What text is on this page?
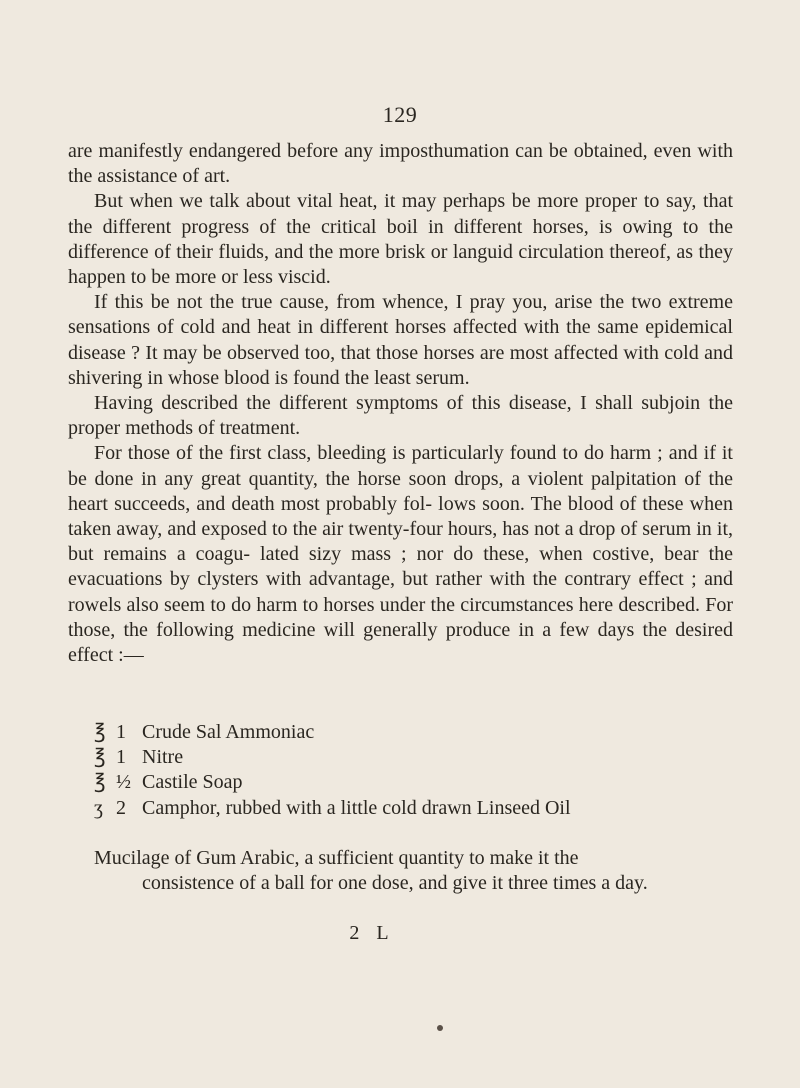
129

are manifestly endangered before any imposthumation can be obtained, even with the assistance of art.

But when we talk about vital heat, it may perhaps be more proper to say, that the different progress of the critical boil in different horses, is owing to the difference of their fluids, and the more brisk or languid circulation thereof, as they happen to be more or less viscid.

If this be not the true cause, from whence, I pray you, arise the two extreme sensations of cold and heat in different horses affected with the same epidemical disease ? It may be observed too, that those horses are most affected with cold and shivering in whose blood is found the least serum.

Having described the different symptoms of this disease, I shall subjoin the proper methods of treatment.

For those of the first class, bleeding is particularly found to do harm ; and if it be done in any great quantity, the horse soon drops, a violent palpitation of the heart succeeds, and death most probably fol- lows soon. The blood of these when taken away, and exposed to the air twenty-four hours, has not a drop of serum in it, but remains a coagu- lated sizy mass ; nor do these, when costive, bear the evacuations by clysters with advantage, but rather with the contrary effect ; and rowels also seem to do harm to horses under the circumstances here described. For those, the following medicine will generally produce in a few days the desired effect :—

℥ 1 Crude Sal Ammoniac
℥ 1 Nitre
℥ ½ Castile Soap
ʒ 2 Camphor, rubbed with a little cold drawn Linseed Oil
Mucilage of Gum Arabic, a sufficient quantity to make it the consistence of a ball for one dose, and give it three times a day.
2 L
